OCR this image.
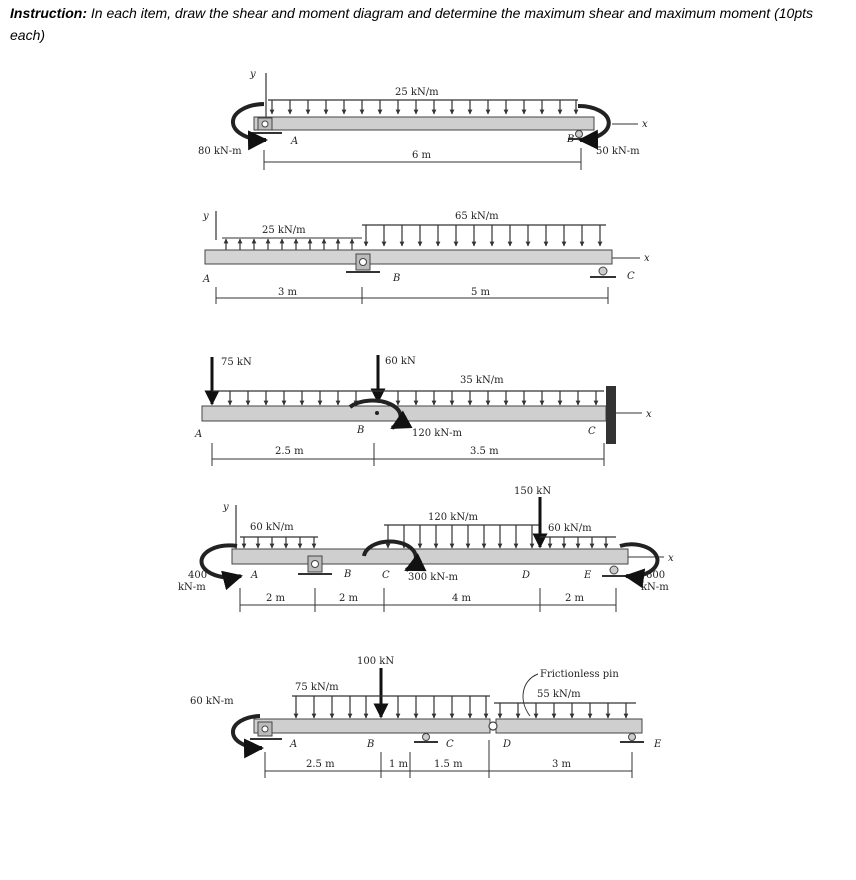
Instruction: In each item, draw the shear and moment diagram and determine the maximum shear and maximum moment (10pts each)

y
x
25 kN/m
A	B
80 kN-m	50 kN-m
6 m
y
x
25 kN/m
65 kN/m
A	B	C
3 m	5 m
75 kN	60 kN
35 kN/m
x
120 kN-m
A	B	C
2.5 m	3.5 m
y
x
60 kN/m
120 kN/m
150 kN
60 kN/m
400
kN-m
300 kN-m	600
kN-m
A	B	C	D	E
2 m	2 m	4 m	2 m
Frictionless pin
100 kN
75 kN/m
55 kN/m
60 kN-m
A	B	C	D	E
2.5 m	1 m	1.5 m	3 m
